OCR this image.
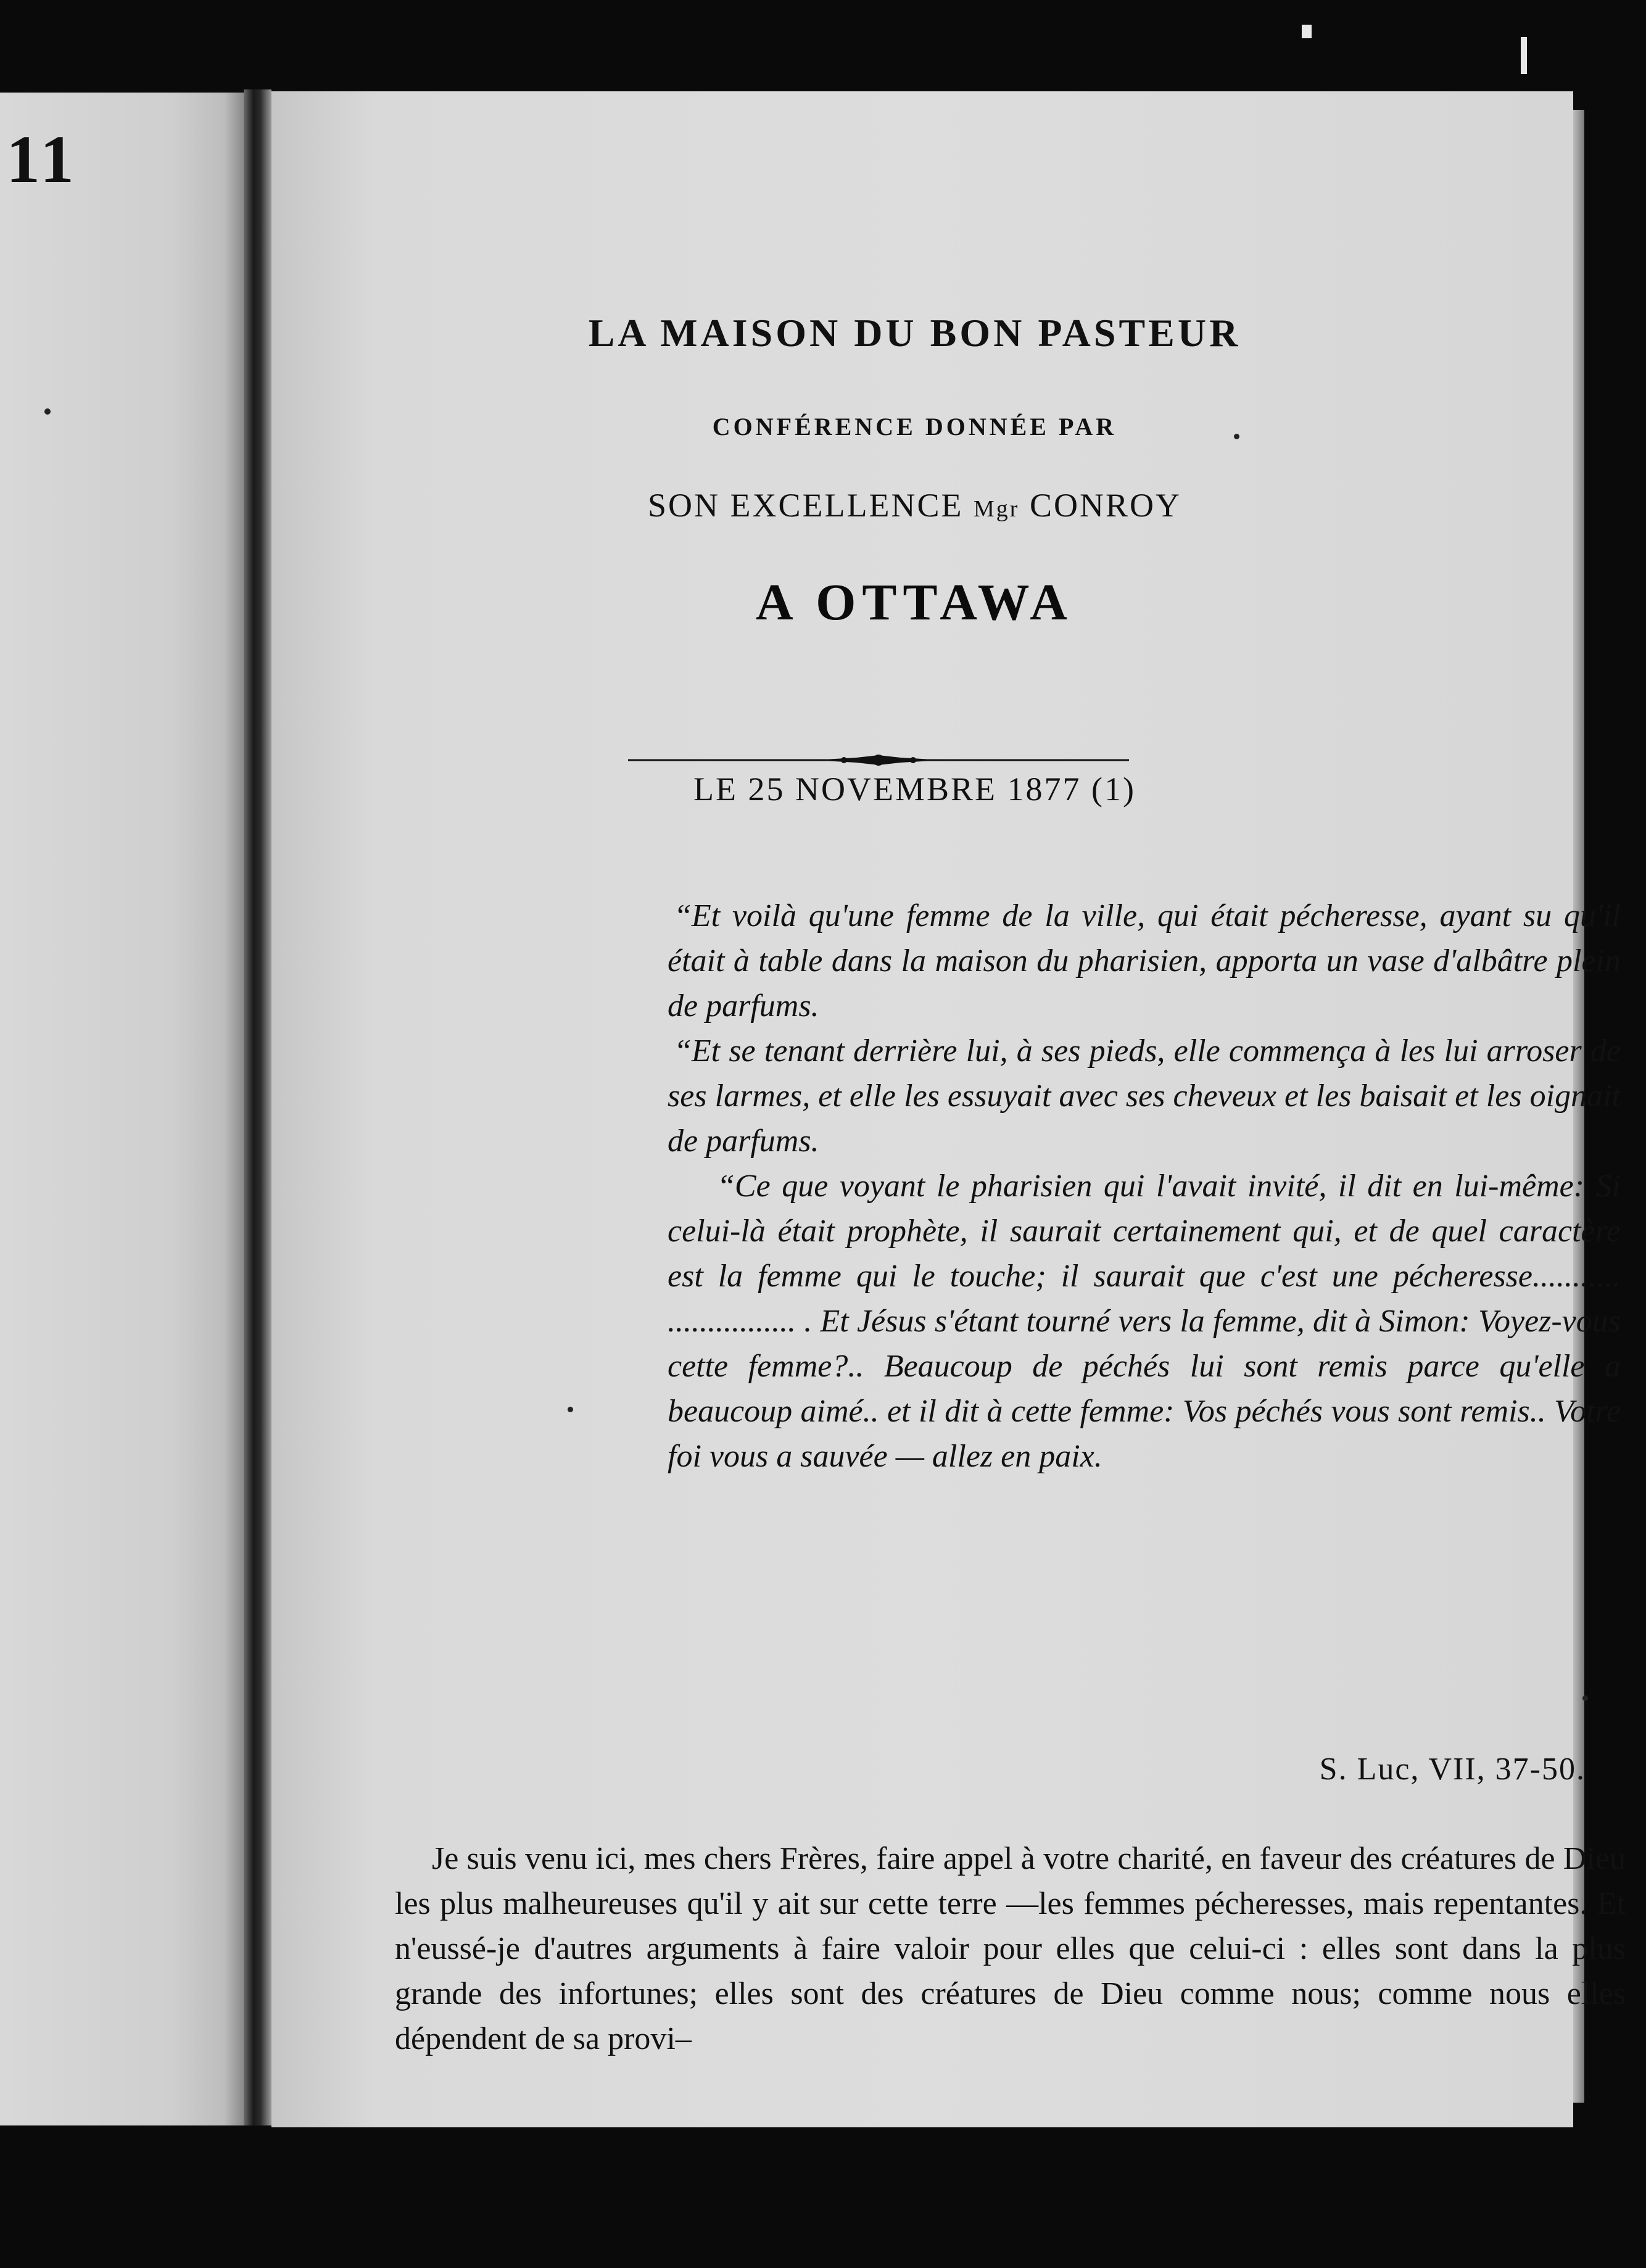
11
LA MAISON DU BON PASTEUR
CONFÉRENCE DONNÉE PAR
SON EXCELLENCE Mgr CONROY
A OTTAWA
LE 25 NOVEMBRE 1877 (1)

“Et voilà qu'une femme de la ville, qui était pécheresse, ayant su qu'il était à table dans la maison du pharisien, apporta un vase d'albâtre plein de parfums.

“Et se tenant derrière lui, à ses pieds, elle commença à les lui arroser de ses larmes, et elle les essuyait avec ses cheveux et les baisait et les oignait de parfums.

“Ce que voyant le pharisien qui l'avait invité, il dit en lui-même: Si celui-là était prophète, il saurait certainement qui, et de quel caractère est la femme qui le touche; il saurait que c'est une pécheresse........... ................ . Et Jésus s'étant tourné vers la femme, dit à Simon: Voyez-vous cette femme?.. Beaucoup de péchés lui sont remis parce qu'elle a beaucoup aimé.. et il dit à cette femme: Vos péchés vous sont remis.. Votre foi vous a sauvée — allez en paix.

S. Luc, VII, 37-50.

Je suis venu ici, mes chers Frères, faire appel à votre charité, en faveur des créatures de Dieu les plus malheureuses qu'il y ait sur cette terre —les femmes pécheresses, mais repentantes. Et n'eussé-je d'autres arguments à faire valoir pour elles que celui-ci : elles sont dans la plus grande des infortunes; elles sont des créatures de Dieu comme nous; comme nous elles dépendent de sa provi–
